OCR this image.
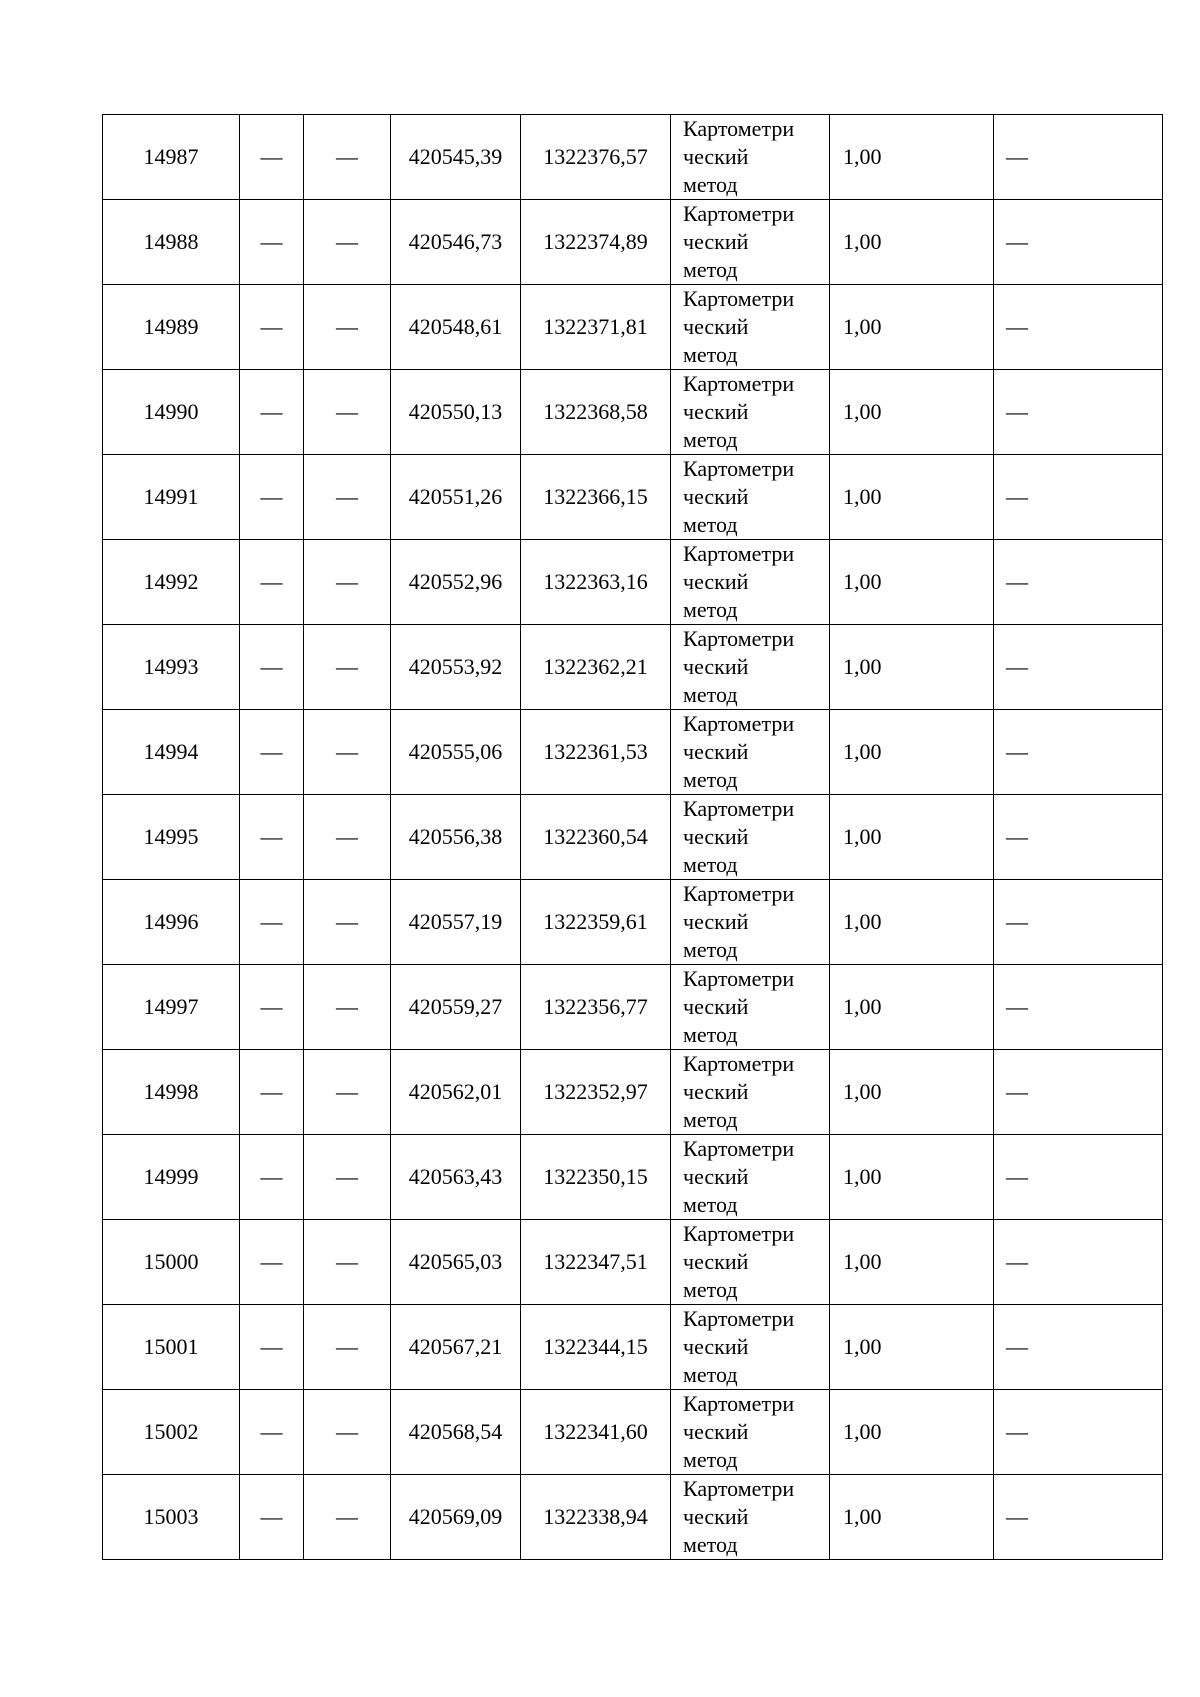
14987	—	—	420545,39	1322376,57	Картометри
ческий
метод	1,00	—
14988	—	—	420546,73	1322374,89	Картометри
ческий
метод	1,00	—
14989	—	—	420548,61	1322371,81	Картометри
ческий
метод	1,00	—
14990	—	—	420550,13	1322368,58	Картометри
ческий
метод	1,00	—
14991	—	—	420551,26	1322366,15	Картометри
ческий
метод	1,00	—
14992	—	—	420552,96	1322363,16	Картометри
ческий
метод	1,00	—
14993	—	—	420553,92	1322362,21	Картометри
ческий
метод	1,00	—
14994	—	—	420555,06	1322361,53	Картометри
ческий
метод	1,00	—
14995	—	—	420556,38	1322360,54	Картометри
ческий
метод	1,00	—
14996	—	—	420557,19	1322359,61	Картометри
ческий
метод	1,00	—
14997	—	—	420559,27	1322356,77	Картометри
ческий
метод	1,00	—
14998	—	—	420562,01	1322352,97	Картометри
ческий
метод	1,00	—
14999	—	—	420563,43	1322350,15	Картометри
ческий
метод	1,00	—
15000	—	—	420565,03	1322347,51	Картометри
ческий
метод	1,00	—
15001	—	—	420567,21	1322344,15	Картометри
ческий
метод	1,00	—
15002	—	—	420568,54	1322341,60	Картометри
ческий
метод	1,00	—
15003	—	—	420569,09	1322338,94	Картометри
ческий
метод	1,00	—
